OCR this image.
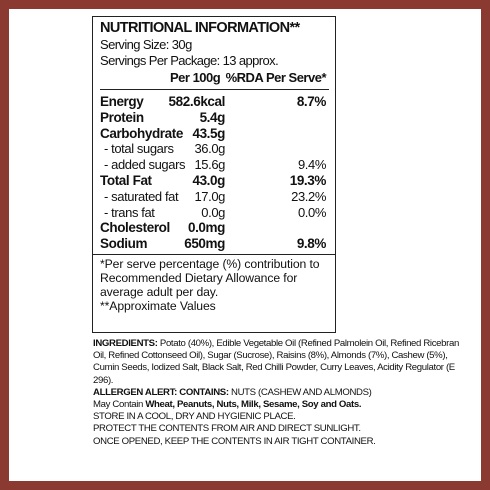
NUTRITIONAL INFORMATION**
Serving Size: 30g
Servings Per Package: 13 approx.
Per 100g %RDA Per Serve*
Energy 582.6kcal	8.7%
Protein	5.4g
Carbohydrate 43.5g
- total sugars 36.0g
- added sugars 15.6g	9.4%
Total Fat	43.0g	19.3%
- saturated fat 17.0g	23.2%
- trans fat	0.0g	0.0%
Cholesterol 0.0mg
Sodium	650mg	9.8%
*Per serve percentage (%) contribution to Recommended Dietary Allowance for average adult per day.
**Approximate Values

INGREDIENTS: Potato (40%), Edible Vegetable Oil (Refined Palmolein Oil, Refined Ricebran Oil, Refined Cottonseed Oil), Sugar (Sucrose), Raisins (8%), Almonds (7%), Cashew (5%), Cumin Seeds, Iodized Salt, Black Salt, Red Chilli Powder, Curry Leaves, Acidity Regulator (E 296).

ALLERGEN ALERT: CONTAINS: NUTS (CASHEW AND ALMONDS)

May Contain Wheat, Peanuts, Nuts, Milk, Sesame, Soy and Oats.

STORE IN A COOL, DRY AND HYGIENIC PLACE.

PROTECT THE CONTENTS FROM AIR AND DIRECT SUNLIGHT.

ONCE OPENED, KEEP THE CONTENTS IN AIR TIGHT CONTAINER.
